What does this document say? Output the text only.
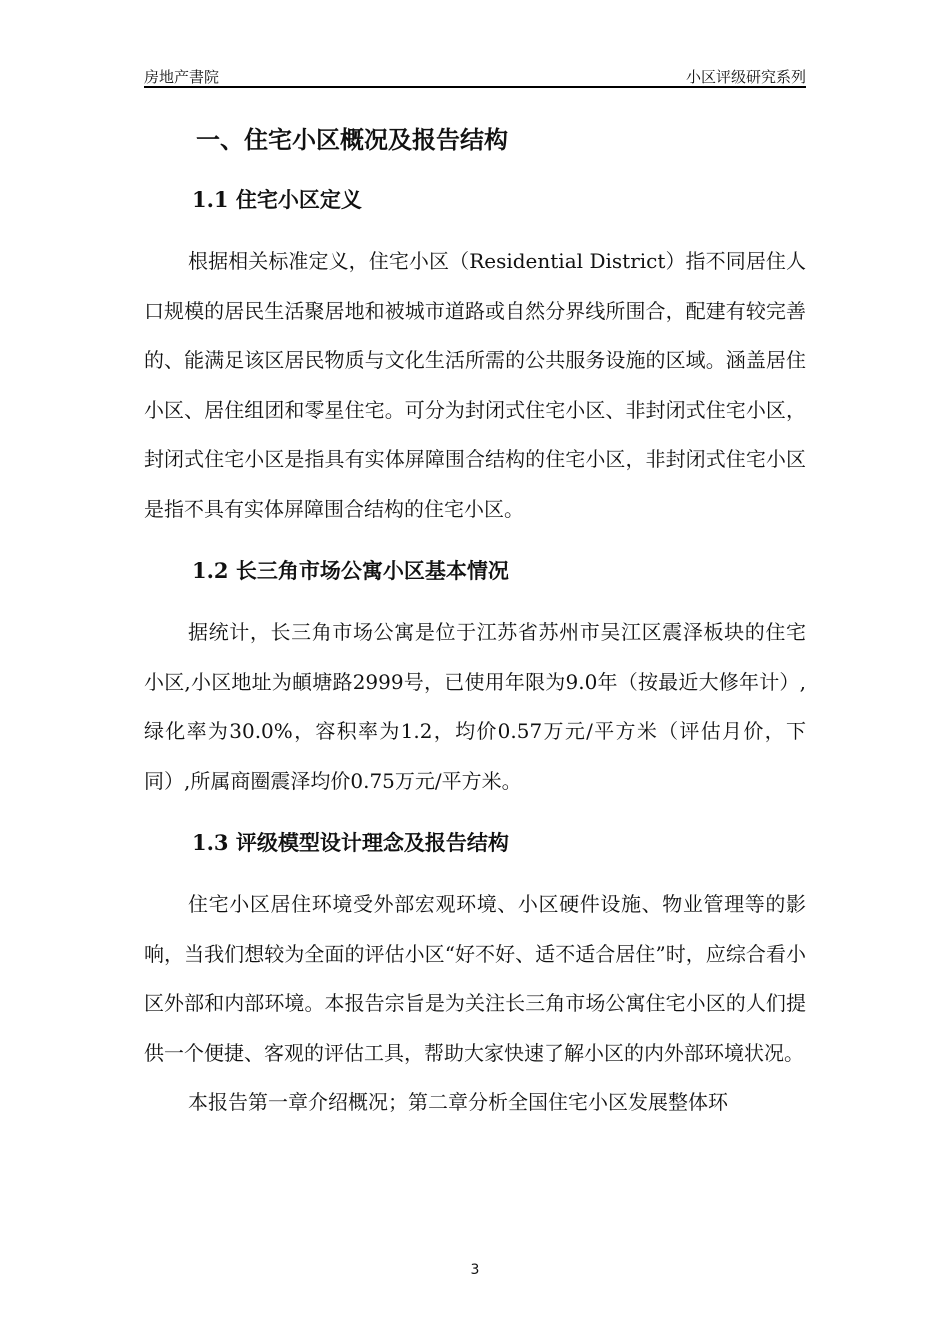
房地产書院	小区评级研究系列
一、住宅小区概况及报告结构
1.1 住宅小区定义

根据相关标准定义，住宅小区（Residential District）指不同居住人口规模的居民生活聚居地和被城市道路或自然分界线所围合，配建有较完善的、能满足该区居民物质与文化生活所需的公共服务设施的区域。涵盖居住小区、居住组团和零星住宅。可分为封闭式住宅小区、非封闭式住宅小区，封闭式住宅小区是指具有实体屏障围合结构的住宅小区，非封闭式住宅小区是指不具有实体屏障围合结构的住宅小区。

1.2 长三角市场公寓小区基本情况

据统计，长三角市场公寓是位于江苏省苏州市吴江区震泽板块的住宅小区,小区地址为頔塘路2999号，已使用年限为9.0年（按最近大修年计）,绿化率为30.0%，容积率为1.2，均价0.57万元/平方米（评估月价，下同）,所属商圈震泽均价0.75万元/平方米。

1.3 评级模型设计理念及报告结构

住宅小区居住环境受外部宏观环境、小区硬件设施、物业管理等的影响，当我们想较为全面的评估小区“好不好、适不适合居住”时，应综合看小区外部和内部环境。本报告宗旨是为关注长三角市场公寓住宅小区的人们提供一个便捷、客观的评估工具，帮助大家快速了解小区的内外部环境状况。

本报告第一章介绍概况；第二章分析全国住宅小区发展整体环

3
